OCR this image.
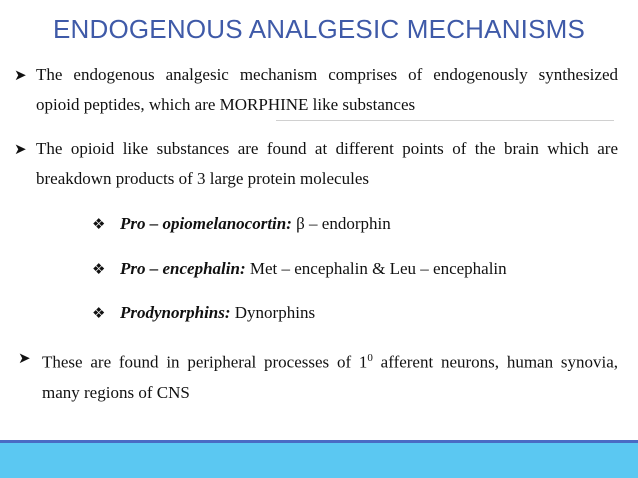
ENDOGENOUS ANALGESIC MECHANISMS
➤ The endogenous analgesic mechanism comprises of endogenously synthesized opioid peptides, which are MORPHINE like substances
➤ The opioid like substances are found at different points of the brain which are breakdown products of 3 large protein molecules
❖ Pro – opiomelanocortin: β – endorphin
❖ Pro – encephalin: Met – encephalin & Leu – encephalin
❖ Prodynorphins: Dynorphins
➤ These are found in peripheral processes of $1^0$ afferent neurons, human synovia, many regions of CNS
